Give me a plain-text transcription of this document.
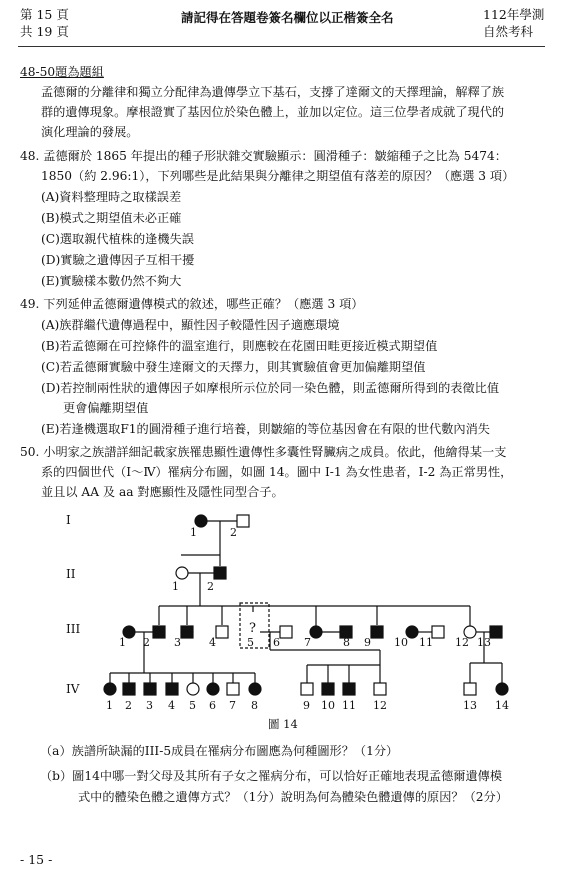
第 15 頁
共 19 頁
請記得在答題卷簽名欄位以正楷簽全名	112年學測
自然考科
48-50題為題組
孟德爾的分離律和獨立分配律為遺傳學立下基石，支撐了達爾文的天擇理論，解釋了族
群的遺傳現象。摩根證實了基因位於染色體上，並加以定位。這三位學者成就了現代的
演化理論的發展。
48. 孟德爾於 1865 年提出的種子形狀雜交實驗顯示：圓滑種子：皺縮種子之比為 5474：
1850（約 2.96:1），下列哪些是此結果與分離律之期望值有落差的原因？（應選 3 項）
(A)資料整理時之取樣誤差
(B)模式之期望值未必正確
(C)選取親代植株的逢機失誤
(D)實驗之遺傳因子互相干擾
(E)實驗樣本數仍然不夠大
49. 下列延伸孟德爾遺傳模式的敘述，哪些正確？（應選 3 項）
(A)族群繼代遺傳過程中，顯性因子較隱性因子適應環境
(B)若孟德爾在可控條件的溫室進行，則應較在花園田畦更接近模式期望值
(C)若孟德爾實驗中發生達爾文的天擇力，則其實驗值會更加偏離期望值
(D)若控制兩性狀的遺傳因子如摩根所示位於同一染色體，則孟德爾所得到的表徵比值
更會偏離期望值
(E)若逢機選取F1的圓滑種子進行培養，則皺縮的等位基因會在有限的世代數內消失
50. 小明家之族譜詳細記載家族罹患顯性遺傳性多囊性腎臟病之成員。依此，他繪得某一支
系的四個世代（I～Ⅳ）罹病分布圖，如圖 14。圖中 I-1 為女性患者，I-2 為正常男性，
並且以 AA 及 aa 對應顯性及隱性同型合子。
I
II
III
IV
1	2
1	2
?
1 2 3	4	5 6 7	8 9 10 11 12 13
1 2 3 4 5 6 7 8	9 10 11 12	13 14
圖 14
（a）族譜所缺漏的III-5成員在罹病分布圖應為何種圖形？（1分）
（b）圖14中哪一對父母及其所有子女之罹病分布，可以恰好正確地表現孟德爾遺傳模
式中的體染色體之遺傳方式？（1分）說明為何為體染色體遺傳的原因？（2分）
- 15 -
